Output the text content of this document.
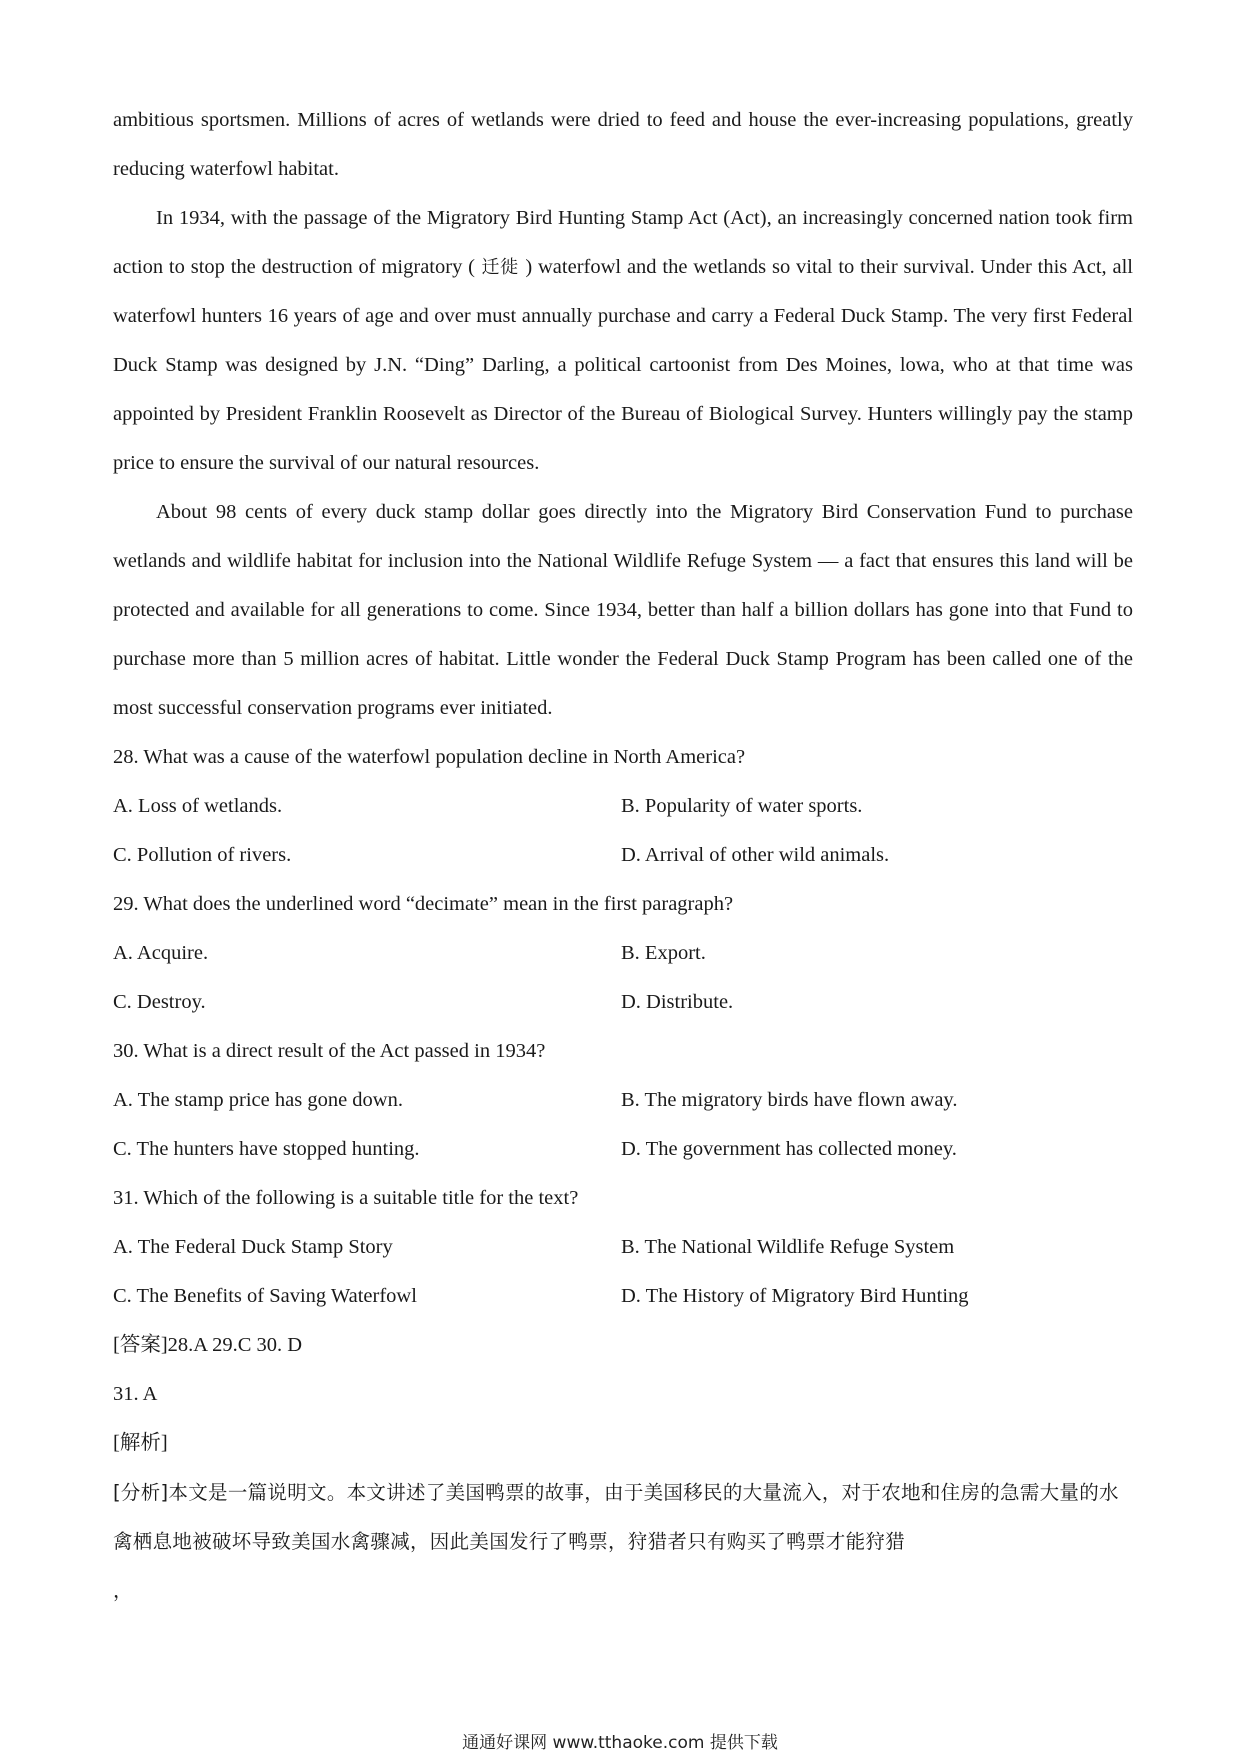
ambitious sportsmen. Millions of acres of wetlands were dried to feed and house the ever-increasing populations, greatly reducing waterfowl habitat.

In 1934, with the passage of the Migratory Bird Hunting Stamp Act (Act), an increasingly concerned nation took firm action to stop the destruction of migratory ( 迁徙 ) waterfowl and the wetlands so vital to their survival. Under this Act, all waterfowl hunters 16 years of age and over must annually purchase and carry a Federal Duck Stamp. The very first Federal Duck Stamp was designed by J.N. “Ding” Darling, a political cartoonist from Des Moines, lowa, who at that time was appointed by President Franklin Roosevelt as Director of the Bureau of Biological Survey. Hunters willingly pay the stamp price to ensure the survival of our natural resources.

About 98 cents of every duck stamp dollar goes directly into the Migratory Bird Conservation Fund to purchase wetlands and wildlife habitat for inclusion into the National Wildlife Refuge System — a fact that ensures this land will be protected and available for all generations to come. Since 1934, better than half a billion dollars has gone into that Fund to purchase more than 5 million acres of habitat. Little wonder the Federal Duck Stamp Program has been called one of the most successful conservation programs ever initiated.

28. What was a cause of the waterfowl population decline in North America?

A. Loss of wetlands.	B. Popularity of water sports.
C. Pollution of rivers.	D. Arrival of other wild animals.

29. What does the underlined word “decimate” mean in the first paragraph?

A. Acquire.	B. Export.
C. Destroy.	D. Distribute.

30. What is a direct result of the Act passed in 1934?

A. The stamp price has gone down.	B. The migratory birds have flown away.
C. The hunters have stopped hunting.	D. The government has collected money.

31. Which of the following is a suitable title for the text?

A. The Federal Duck Stamp Story	B. The National Wildlife Refuge System
C. The Benefits of Saving Waterfowl	D. The History of Migratory Bird Hunting

[答案]28.A 29.C 30. D

31. A

[解析]

[分析]本文是一篇说明文。本文讲述了美国鸭票的故事，由于美国移民的大量流入，对于农地和住房的急需大量的水禽栖息地被破坏导致美国水禽骤减，因此美国发行了鸭票，狩猎者只有购买了鸭票才能狩猎

，

通通好课网 www.tthaoke.com 提供下载
